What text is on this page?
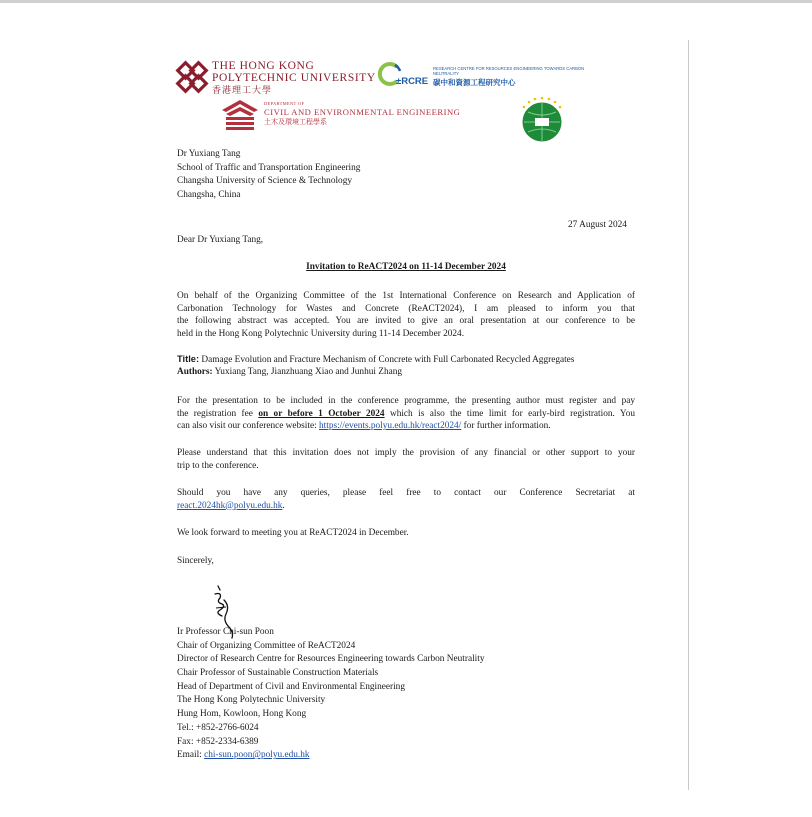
THE HONG KONG
POLYTECHNIC UNIVERSITY
香港理工大學
±RCRE
RESEARCH CENTRE FOR RESOURCES ENGINEERING TOWARDS CARBON NEUTRALITY
碳中和資源工程研究中心
DEPARTMENT OF
CIVIL AND ENVIRONMENTAL ENGINEERING
土木及環境工程學系
Dr Yuxiang Tang
School of Traffic and Transportation Engineering
Changsha University of Science & Technology
Changsha, China
27 August 2024
Dear Dr Yuxiang Tang,
Invitation to ReACT2024 on 11-14 December 2024
On behalf of the Organizing Committee of the 1st International Conference on Research and Application of
Carbonation Technology for Wastes and Concrete (ReACT2024), I am pleased to inform you that
the following abstract was accepted. You are invited to give an oral presentation at our conference to be
held in the Hong Kong Polytechnic University during 11-14 December 2024.
Title: Damage Evolution and Fracture Mechanism of Concrete with Full Carbonated Recycled Aggregates
Authors: Yuxiang Tang, Jianzhuang Xiao and Junhui Zhang
For the presentation to be included in the conference programme, the presenting author must register and pay
the registration fee on or before 1 October 2024 which is also the time limit for early-bird registration. You
can also visit our conference website: https://events.polyu.edu.hk/react2024/ for further information.
Please understand that this invitation does not imply the provision of any financial or other support to your
trip to the conference.
Should you have any queries, please feel free to contact our Conference Secretariat at
react.2024hk@polyu.edu.hk.
We look forward to meeting you at ReACT2024 in December.
Sincerely,
Ir Professor Chi-sun Poon
Chair of Organizing Committee of ReACT2024
Director of Research Centre for Resources Engineering towards Carbon Neutrality
Chair Professor of Sustainable Construction Materials
Head of Department of Civil and Environmental Engineering
The Hong Kong Polytechnic University
Hung Hom, Kowloon, Hong Kong
Tel.: +852-2766-6024
Fax: +852-2334-6389
Email: chi-sun.poon@polyu.edu.hk
